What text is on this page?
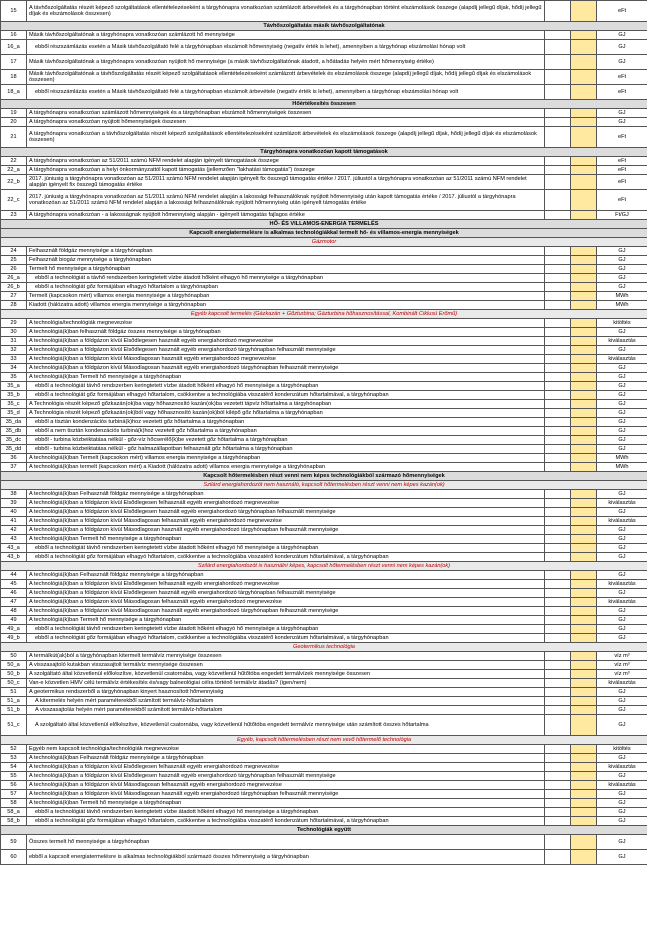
15	A távhőszolgáltatás részét képező szolgáltatások ellentételezéseként a tárgyhónapra vonatkozóan számlázott árbevételek és a tárgyhónapban történt elszámolások összege (alapdíj jellegű díjak, hődíj jellegű díjak és elszámolások összesen)			eFt
Távhőszolgáltatás másik távhőszolgáltatónak				
16	Másik távhőszolgáltatónak a tárgyhónapra vonatkozóan számlázott hő mennyisége			GJ
16_a	ebből részszámlázás esetén a Másik távhőszolgáltató felé a tárgyhónapban elszámolt hőmennyiség (negatív érték is lehet), amennyiben a tárgyhónap elszámolási hónap volt			GJ
17	Másik távhőszolgáltatónak a tárgyhónapra vonatkozóan nyújtott hő mennyisége (a másik távhőszolgáltatónak átadott, a hőátadás helyén mért hőmennyiség értéke)			GJ
18	Másik távhőszolgáltatónak a távhőszolgáltatás részét képező szolgáltatások ellentételezéseként számlázott árbevételek és elszámolások összege (alapdíj jellegű díjak, hődíj jellegű díjak és elszámolások összesen)			eFt
18_a	ebből részszámlázás esetén a Másik távhőszolgáltató felé a tárgyhónapban elszámolt árbevétele (negatív érték is lehet), amennyiben a tárgyhónap elszámolási hónap volt			eFt
Hőértékesítés összesen				
19	A tárgyhónapra vonatkozóan számlázott hőmennyiségek és a tárgyhónapban elszámolt hőmennyiségek összesen			GJ
20	A tárgyhónapra vonatkozóan nyújtott hőmennyiségek összesen			GJ
21	A tárgyhónapra vonatkozóan a távhőszolgáltatás részét képező szolgáltatások ellentételezéseként számlázott árbevételek és elszámolások összege (alapdíj jellegű díjak, hődíj jellegű díjak és elszámolások összesen)			eFt
Tárgyhónapra vonatkozóan kapott támogatások				
22	A tárgyhónapra vonatkozóan az 51/2011 számú NFM rendelet alapján igényelt támogatások összege			eFt
22_a	A tárgyhónapra vonatkozóan a helyi önkormányzattól kapott támogatás (jellemzően "lakhatási támogatás") összege			eFt
22_b	2017. júniusig a tárgyhónapra vonatkozóan az 51/2011 számú NFM rendelet alapján igényelt fix összegű támogatás értéke / 2017. júliustól a tárgyhónapra vonatkozóan az 51/2011 számú NFM rendelet alapján igényelt fix összegű támogatás értéke			eFt
22_c	2017. júniusig a tárgyhónapra vonatkozóan az 51/2011 számú NFM rendelet alapján a lakossági felhasználóknak nyújtott hőmennyiség után kapott támogatás értéke / 2017. júliustól a tárgyhónapra vonatkozóan az 51/2011 számú NFM rendelet alapján a lakossági felhasználóknak nyújtott hőmennyiség után igényelt támogatás értéke			eFt
23	A tárgyhónapra vonatkozóan - a lakosságnak nyújtott hőmennyiség alapján - igényelt támogatás fajlagos értéke			Ft/GJ
HŐ- ÉS VILLAMOS-ENERGIA TERMELÉS				
Kapcsolt energiatermelésre is alkalmas technológiákkal termelt hő- és villamos-energia mennyiségek				
Gázmotor				
24	Felhasznált földgáz mennyisége a tárgyhónapban			GJ
25	Felhasznált biogáz mennyisége a tárgyhónapban			GJ
26	Termelt hő mennyisége a tárgyhónapban			GJ
26_a	ebből a technológiát a távhő rendszerben keringtetett vízbe átadott hőként elhagyó hő mennyisége a tárgyhónapban			GJ
26_b	ebből a technológiát gőz formájában elhagyó hőtartalom a tárgyhónapban			GJ
27	Termelt (kapcsokon mért) villamos energia mennyisége a tárgyhónapban			MWh
28	Kiadott (hálózatra adott) villamos energia mennyisége a tárgyhónapban			MWh
Egyéb kapcsolt termelés (Gázkazán + Gőzturbina; Gázturbina hőhasznosítással, Kombinált Ciklusú Erőmű)				
29	A technológia/technológiák megnevezése			kitöltés
30	A technológiá(k)ban felhasznált földgáz összes mennyisége a tárgyhónapban			GJ
31	A technológiá(k)ban a földgázon kívül Elsődlegesen használt egyéb energiahordozó megnevezése			kiválasztás
32	A technológiá(k)ban a földgázon kívül Elsődlegesen használt egyéb energiahordozó tárgyhónapban felhasznált mennyisége			GJ
33	A technológiá(k)ban a földgázon kívül Másodlagosan használt egyéb energiahordozó megnevezése			kiválasztás
34	A technológiá(k)ban a földgázon kívül Másodlagosan használt egyéb energiahordozó tárgyhónapban felhasznált mennyisége			GJ
35	A technológiá(k)ban Termelt hő mennyisége a tárgyhónapban			GJ
35_a	ebből a technológiát távhő rendszerben keringtetett vízbe átadott hőként elhagyó hő mennyisége a tárgyhónapban			GJ
35_b	ebből a technológiát gőz formájában elhagyó hőtartalom, csökkentve a technológiába visszatérő kondenzátum hőtartalmával, a tárgyhónapban			GJ
35_c	A Technológia részét képező gőzkazán(ok)ba vagy hőhasznosító kazán(ok)ba vezetett tápvíz hőtartalma a tárgyhónapban			GJ
35_d	A Technológia részét képező gőzkazán(ok)ból vagy hőhasznosító kazán(ok)ból kilépő gőz hőtartalma a tárgyhónapban			GJ
35_da	ebből a tisztán kondenzációs turbiná(k)hoz vezetett gőz hőtartalma a tárgyhónapban			GJ
35_db	ebből a nem tisztán kondenzációs turbiná(k)hoz vezetett gőz hőtartalma a tárgyhónapban			GJ
35_dc	ebből - turbina közbeiktatása nélkül - gőz-víz hőcserélő(k)be vezetett gőz hőtartalma a tárgyhónapban			GJ
35_dd	ebből - turbina közbeiktatása nélkül - gőz halmazállapotban felhasznált gőz hőtartalma a tárgyhónapban			GJ
36	A technológiá(k)ban Termelt (kapcsokon mért) villamos energia mennyisége a tárgyhónapban			MWh
37	A technológiá(k)ban termelt (kapcsokon mért) a Kiadott (hálózatra adott) villamos energia mennyisége a tárgyhónapban			MWh
Kapcsolt hőtermelésben részt venni nem képes technológiákból származó hőmennyiségek				
Szilárd energiahordozót nem használó, kapcsolt hőtermelésben részt venni nem képes kazán(ok)				
38	A technológiá(k)ban Felhasznált földgáz mennyisége a tárgyhónapban			GJ
39	A technológiá(k)ban a földgázon kívül Elsődlegesen felhasznált egyéb energiahordozó megnevezése			kiválasztás
40	A technológiá(k)ban a földgázon kívül Elsődlegesen használt egyéb energiahordozó tárgyhónapban felhasznált mennyisége			GJ
41	A technológiá(k)ban a földgázon kívül Másodlagosan felhasznált egyéb energiahordozó megnevezése			kiválasztás
42	A technológiá(k)ban a földgázon kívül Másodlagosan használt egyéb energiahordozó tárgyhónapban felhasznált mennyisége			GJ
43	A technológiá(k)ban Termelt hő mennyisége a tárgyhónapban			GJ
43_a	ebből a technológiát távhő rendszerben keringtetett vízbe átadott hőként elhagyó hő mennyisége a tárgyhónapban			GJ
43_b	ebből a technológiát gőz formájában elhagyó hőtartalom, csökkentve a technológiába visszatérő kondenzátum hőtartalmával, a tárgyhónapban			GJ
Szilárd energiahordozót is használni képes, kapcsolt hőtermelésben részt venni nem képes kazán(ok)				
44	A technológiá(k)ban Felhasznált földgáz mennyisége a tárgyhónapban			GJ
45	A technológiá(k)ban a földgázon kívül Elsődlegesen felhasznált egyéb energiahordozó megnevezése			kiválasztás
46	A technológiá(k)ban a földgázon kívül Elsődlegesen használt egyéb energiahordozó tárgyhónapban felhasznált mennyisége			GJ
47	A technológiá(k)ban a földgázon kívül Másodlagosan felhasznált egyéb energiahordozó megnevezése			kiválasztás
48	A technológiá(k)ban a földgázon kívül Másodlagosan használt egyéb energiahordozó tárgyhónapban felhasznált mennyisége			GJ
49	A technológiá(k)ban Termelt hő mennyisége a tárgyhónapban			GJ
49_a	ebből a technológiát távhő rendszerben keringtetett vízbe átadott hőként elhagyó hő mennyisége a tárgyhónapban			GJ
49_b	ebből a technológiát gőz formájában elhagyó hőtartalom, csökkentve a technológiába visszatérő kondenzátum hőtartalmával, a tárgyhónapban			GJ
Geotermikus technológia				
50	A termálkút(ak)ból a tárgyhónapban kitermelt termálvíz mennyisége összesen			víz m³
50_a	A visszasajtoló kutakban visszasajtolt termálvíz mennyisége összesen			víz m³
50_b	A szolgáltató által közvetlenül előkészítve, közvetlenül csatornába, vagy közvetlenül hűtőtóba engedett termálvízek mennyisége összesen			víz m³
50_c	Van-e közvetlen HMV célú termálvíz értékesítés és/vagy balneológiai célra történő termálvíz átadás? (igen/nem)			kiválasztás
51	A geotermikus rendszerből a tárgyhónapban kinyert hasznosított hőmennyiség			GJ
51_a	A kitermelés helyén mért paraméterekből számított termálvíz-hőtartalom			GJ
51_b	A visszasajtolás helyén mért paraméterekből számított termálvíz-hőtartalom			GJ
51_c	A szolgáltató által közvetlenül előkészítve, közvetlenül csatornába, vagy közvetlenül hűtőtóba engedett termálvíz mennyisége után számított összes hőtartalma			GJ
Egyéb, kapcsolt hőtermelésben részt nem vevő hőtermelő technológia				
52	Egyéb nem kapcsolt technológia/technológiák megnevezése			kitöltés
53	A technológiá(k)ban Felhasznált földgáz mennyisége a tárgyhónapban			GJ
54	A technológiá(k)ban a földgázon kívül Elsődlegesen felhasznált egyéb energiahordozó megnevezése			kiválasztás
55	A technológiá(k)ban a földgázon kívül Elsődlegesen használt egyéb energiahordozó tárgyhónapban felhasznált mennyisége			GJ
56	A technológiá(k)ban a földgázon kívül Másodlagosan felhasznált egyéb energiahordozó megnevezése			kiválasztás
57	A technológiá(k)ban a földgázon kívül Másodlagosan használt egyéb energiahordozó tárgyhónapban felhasznált mennyisége			GJ
58	A technológiá(k)ban Termelt hő mennyisége a tárgyhónapban			GJ
58_a	ebből a technológiát távhő rendszerben keringtetett vízbe átadott hőként elhagyó hő mennyisége a tárgyhónapban			GJ
58_b	ebből a technológiát gőz formájában elhagyó hőtartalom, csökkentve a technológiába visszatérő kondenzátum hőtartalmával, a tárgyhónapban			GJ
Technológiák együtt				
59	Összes termelt hő mennyisége a tárgyhónapban			GJ
60	ebből a kapcsolt energiatermelésre is alkalmas technológiákból származó összes hőmennyiség a tárgyhónapban			GJ
